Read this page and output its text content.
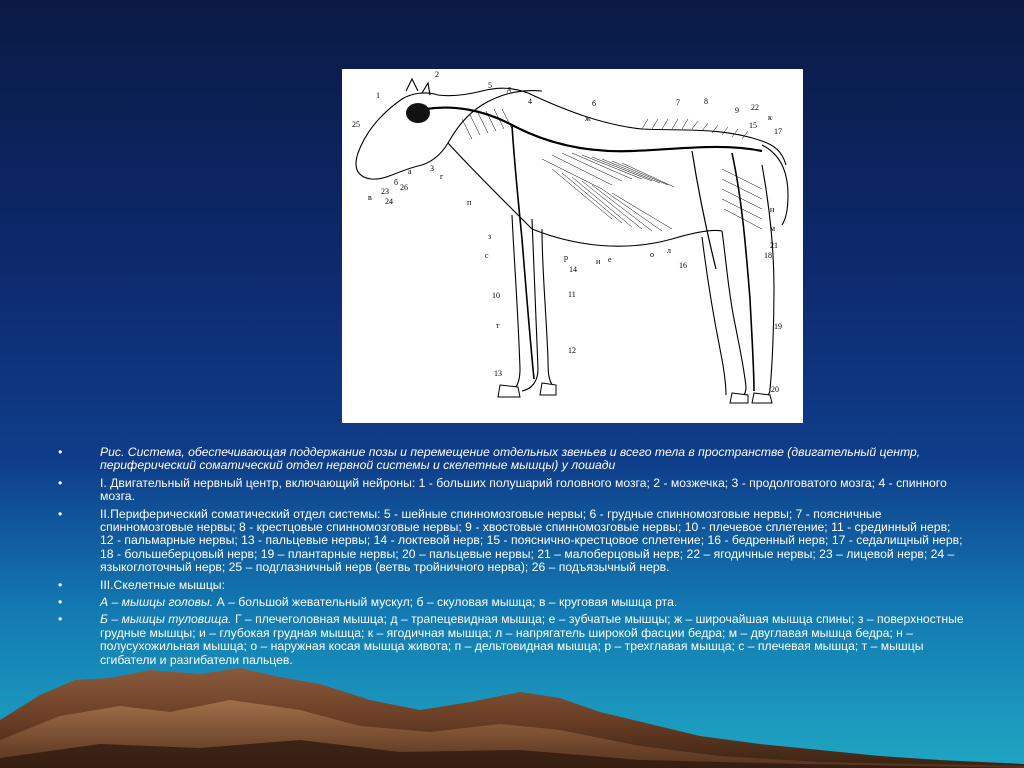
1
2
3
4
5
6	7	8
9
10	11
12
13
14
15
16
17
18
19
20
21
22
23
24
25
26
а
б
в
г
д
ж
з
с
п
р	и е
о л
к
н
м
т
•	Рис. Система, обеспечивающая поддержание позы и перемещение отдельных звеньев и всего тела в пространстве (двигательный центр, периферический соматический отдел нервной системы и скелетные мышцы) у лошади
•	I. Двигательный нервный центр, включающий нейроны: 1 - больших полушарий головного мозга; 2 - мозжечка; 3 - продолговатого мозга; 4 - спинного мозга.
•	II.Периферический соматический отдел системы: 5 - шейные спинномозговые нервы; 6 - грудные спинномозговые нервы; 7 - поясничные спинномозговые нервы; 8 - крестцовые спинномозговые нервы; 9 - хвостовые спинномозговые нервы; 10 - плечевое сплетение; 11 - срединный нерв; 12 - пальмарные нервы; 13 - пальцевые нервы; 14 - локтевой нерв; 15 - пояснично-крестцовое сплетение; 16 - бедренный нерв; 17 - седалищный нерв; 18 - большеберцовый нерв; 19 – плантарные нервы; 20 – пальцевые нервы; 21 – малоберцовый нерв; 22 – ягодичные нервы; 23 – лицевой нерв; 24 – языкоглоточный нерв; 25 – подглазничный нерв (ветвь тройничного нерва); 26 – подъязычный нерв.
•	III.Скелетные мышцы:
•	А – мышцы головы. А – большой жевательный мускул; б – скуловая мышца; в – круговая мышца рта.
•	Б – мышцы туловища. Г – плечеголовная мышца; д – трапецевидная мышца; е – зубчатые мышцы; ж – широчайшая мышца спины; з – поверхностные грудные мышцы; и – глубокая грудная мышца; к – ягодичная мышца; л – напрягатель широкой фасции бедра; м – двуглавая мышца бедра; н – полусухожильная мышца; о – наружная косая мышца живота; п – дельтовидная мышца; р – трехглавая мышца; с – плечевая мышца; т – мышцы сгибатели и разгибатели пальцев.
